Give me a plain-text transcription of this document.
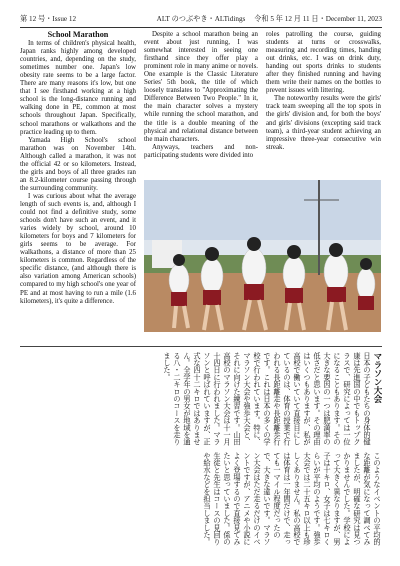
第 12 号・Issue 12	ALT のつぶやき・ALTidings	令和 5 年 12 月 11 日・December 11, 2023
School Marathon

In terms of children's physical health, Japan ranks highly among developed countries, and, depending on the study, sometimes number one. Japan's low obesity rate seems to be a large factor. There are many reasons it's low, but one that I see firsthand working at a high school is the long-distance running and walking done in PE, common at most schools throughout Japan. Specifically, school marathons or walkathons and the practice leading up to them.

Yamada High School's school marathon was on November 14th. Although called a marathon, it was not the official 42 or so kilometers. Instead, the girls and boys of all three grades ran an 8.2-kilometer course passing through the surrounding community.

I was curious about what the average length of such events is, and, although I could not find a definitive study, some schools don't have such an event, and it varies widely by school, around 10 kilometers for boys and 7 kilometers for girls seems to be average. For walkathons, a distance of more than 25 kilometers is common. Regardless of the specific distance, (and although there is also variation among American schools) compared to my high school's one year of PE and at most having to run a mile (1.6 kilometers), it's quite a difference.

Despite a school marathon being an event about just running, I was somewhat interested in seeing one firsthand since they offer play a prominent role in many anime or novels. One example is the Classic Literature Series' 5th book, the title of which loosely translates to "Approximating the Difference Between Two People." In it, the main character solves a mystery while running the school marathon, and the title is a double meaning of the physical and relational distance between the main characters.

Anyways, teachers and non-participating students were divided into

roles patrolling the course, guiding students at turns or crosswalks, measuring and recording times, handing out drinks, etc. I was on drink duty, handing out sports drinks to students after they finished running and having them write their names on the bottles to prevent issues with littering.

The noteworthy results were the girls' track team sweeping all the top spots in the girls' division and, for both the boys' and girls' divisions (excepting said track team), a third-year student achieving an impressive three-year consecutive win streak.

マラソン大会

日本の子どもたちの身体的健康は先進国の中でもトップクラスで、研究によっては一位になることもあります。その大きな要因の一つは肥満率の低さだと思います。その理由はいくつもありますが、私が高校で働いていて直接目にしているのは、体育の授業で行われる長距離走や長距離歩行です。これは日本の多くの学校で行われています。特に、マラソン大会や強歩大会と、それに向けた練習です。山田高校のマラソン大会は十一月十四日に行われました。マラソンと呼ばれていますが、正式な四十二キロではありません。全学年の男女が地域を通る八・二キロのコースを走りました。

このようなイベントの平均的な距離が気になって調べてみましたが、明確な研究は見つかりませんでした。学校によって大きく異なりますが、男子は十キロ、女子は七キロくらいが平均のようです。強歩大会では二十五キロ以上も珍しくありません。私の高校では体育は一年間だけで、走っても一マイル程度だったので、大きな違いです。マラソン大会はただ走るだけのイベントですが、アニメや小説によく登場するので直接見てみたいと思っていました。係の生徒と先生はコースの見回りや給水などを担当しました。
